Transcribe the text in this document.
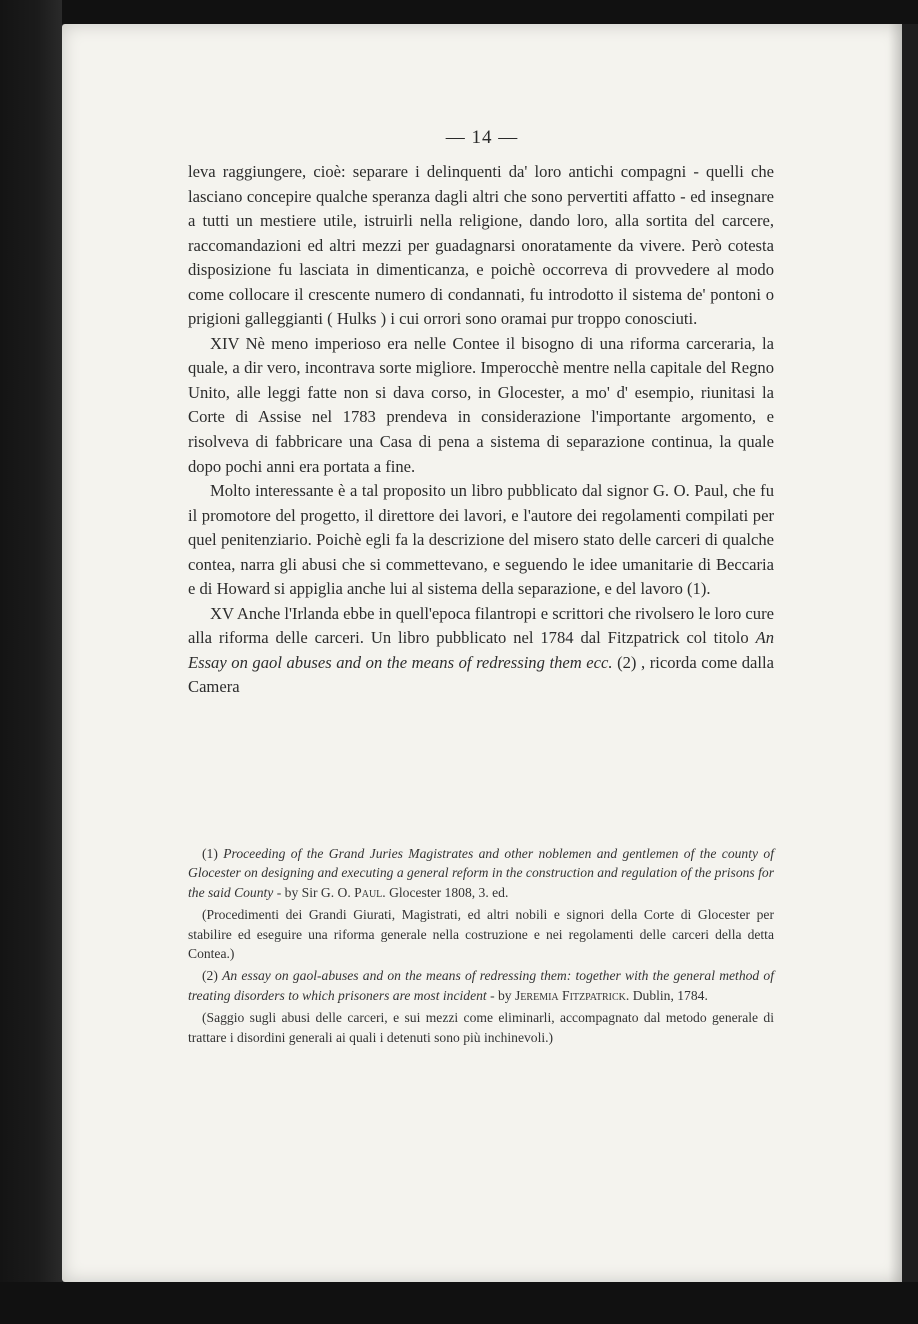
— 14 —

leva raggiungere, cioè: separare i delinquenti da' loro antichi compagni - quelli che lasciano concepire qualche speranza dagli altri che sono pervertiti affatto - ed insegnare a tutti un mestiere utile, istruirli nella religione, dando loro, alla sortita del carcere, raccomandazioni ed altri mezzi per guadagnarsi onoratamente da vivere. Però cotesta disposizione fu lasciata in dimenticanza, e poichè occorreva di provvedere al modo come collocare il crescente numero di condannati, fu introdotto il sistema de' pontoni o prigioni galleggianti ( Hulks ) i cui orrori sono oramai pur troppo conosciuti.

XIV Nè meno imperioso era nelle Contee il bisogno di una riforma carceraria, la quale, a dir vero, incontrava sorte migliore. Imperocchè mentre nella capitale del Regno Unito, alle leggi fatte non si dava corso, in Glocester, a mo' d' esempio, riunitasi la Corte di Assise nel 1783 prendeva in considerazione l'importante argomento, e risolveva di fabbricare una Casa di pena a sistema di separazione continua, la quale dopo pochi anni era portata a fine.

Molto interessante è a tal proposito un libro pubblicato dal signor G. O. Paul, che fu il promotore del progetto, il direttore dei lavori, e l'autore dei regolamenti compilati per quel penitenziario. Poichè egli fa la descrizione del misero stato delle carceri di qualche contea, narra gli abusi che si commettevano, e seguendo le idee umanitarie di Beccaria e di Howard si appiglia anche lui al sistema della separazione, e del lavoro (1).

XV Anche l'Irlanda ebbe in quell'epoca filantropi e scrittori che rivolsero le loro cure alla riforma delle carceri. Un libro pubblicato nel 1784 dal Fitzpatrick col titolo An Essay on gaol abuses and on the means of redressing them ecc. (2) , ricorda come dalla Camera

(1) Proceeding of the Grand Juries Magistrates and other noblemen and gentlemen of the county of Glocester on designing and executing a general reform in the construction and regulation of the prisons for the said County - by Sir G. O. Paul. Glocester 1808, 3. ed.

(Procedimenti dei Grandi Giurati, Magistrati, ed altri nobili e signori della Corte di Glocester per stabilire ed eseguire una riforma generale nella costruzione e nei regolamenti delle carceri della detta Contea.)

(2) An essay on gaol-abuses and on the means of redressing them: together with the general method of treating disorders to which prisoners are most incident - by Jeremia Fitzpatrick. Dublin, 1784.

(Saggio sugli abusi delle carceri, e sui mezzi come eliminarli, accompagnato dal metodo generale di trattare i disordini generali ai quali i detenuti sono più inchinevoli.)
